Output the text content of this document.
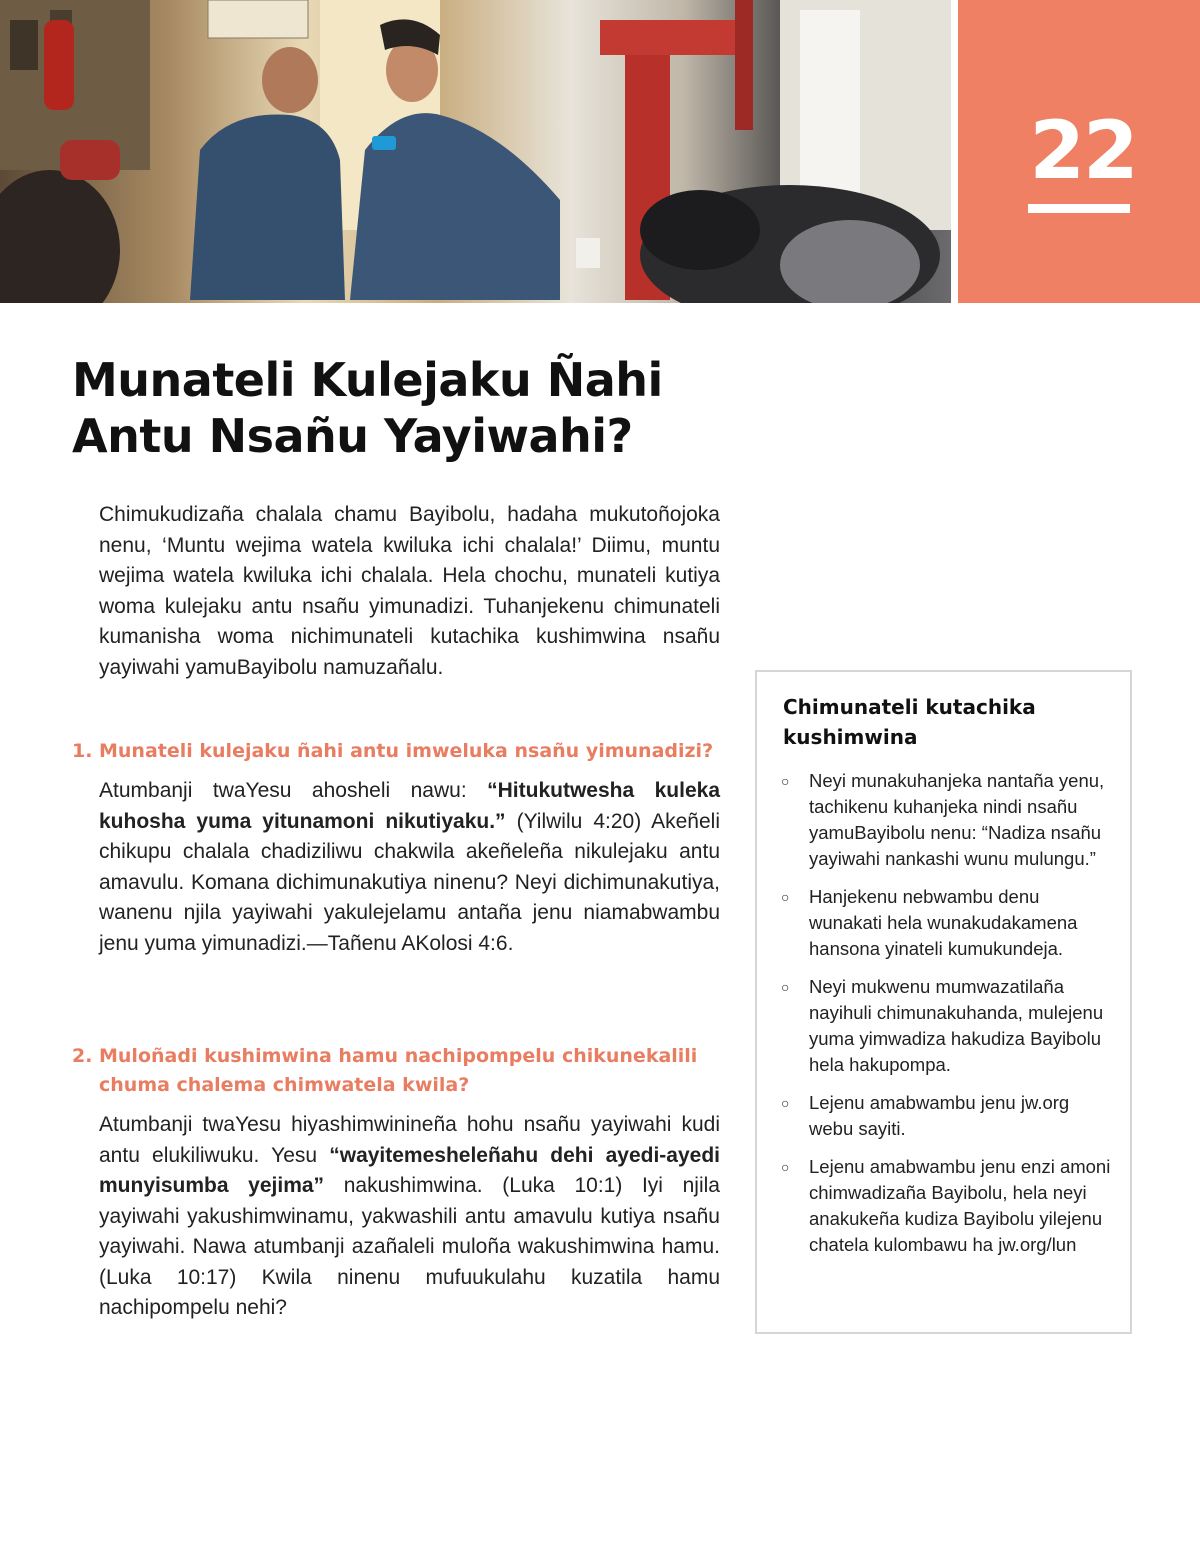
22
Munateli Kulejaku Ñahi
Antu Nsañu Yayiwahi?

Chimukudizaña chalala chamu Bayibolu, hadaha mukutoñojoka nenu, ‘Muntu wejima watela kwiluka ichi chalala!’ Diimu, muntu wejima watela kwiluka ichi chalala. Hela chochu, munateli kutiya woma kulejaku antu nsañu yimunadizi. Tuhanjekenu chimunateli kumanisha woma nichimunateli kutachika kushimwina nsañu yayiwahi yamuBayibolu namuzañalu.

1. Munateli kulejaku ñahi antu imweluka nsañu yimunadizi?

Atumbanji twaYesu ahosheli nawu: “Hitukutwesha kuleka kuhosha yuma yitunamoni nikutiyaku.” (Yilwilu 4:20) Akeñeli chikupu chalala chadiziliwu chakwila akeñeleña nikulejaku antu amavulu. Komana dichimunakutiya ninenu? Neyi dichimunakutiya, wanenu njila yayiwahi yakulejelamu antaña jenu niamabwambu jenu yuma yimunadizi.—Tañenu AKolosi 4:6.

2. Muloñadi kushimwina hamu nachipompelu chikunekalili chuma chalema chimwatela kwila?

Atumbanji twaYesu hiyashimwinineña hohu nsañu yayiwahi kudi antu elukiliwuku. Yesu “wayitemesheleñahu dehi ayedi-ayedi munyisumba yejima” nakushimwina. (Luka 10:1) Iyi njila yayiwahi yakushimwinamu, yakwashili antu amavulu kutiya nsañu yayiwahi. Nawa atumbanji azañaleli muloña wakushimwina hamu. (Luka 10:17) Kwila ninenu mufuukulahu kuzatila hamu nachipompelu nehi?

Chimunateli kutachika kushimwina
○	Neyi munakuhanjeka nantaña yenu, tachikenu kuhanjeka nindi nsañu yamuBayibolu nenu: “Nadiza nsañu yayiwahi nankashi wunu mulungu.”
○	Hanjekenu nebwambu denu wunakati hela wunakudakamena hansona yinateli kumukundeja.
○	Neyi mukwenu mumwazatilaña nayihuli chimunakuhanda, mulejenu yuma yimwadiza hakudiza Bayibolu hela hakupompa.
○	Lejenu amabwambu jenu jw.org webu sayiti.
○	Lejenu amabwambu jenu enzi amoni chimwadizaña Bayibolu, hela neyi anakukeña kudiza Bayibolu yilejenu chatela kulombawu ha jw.org/lun
